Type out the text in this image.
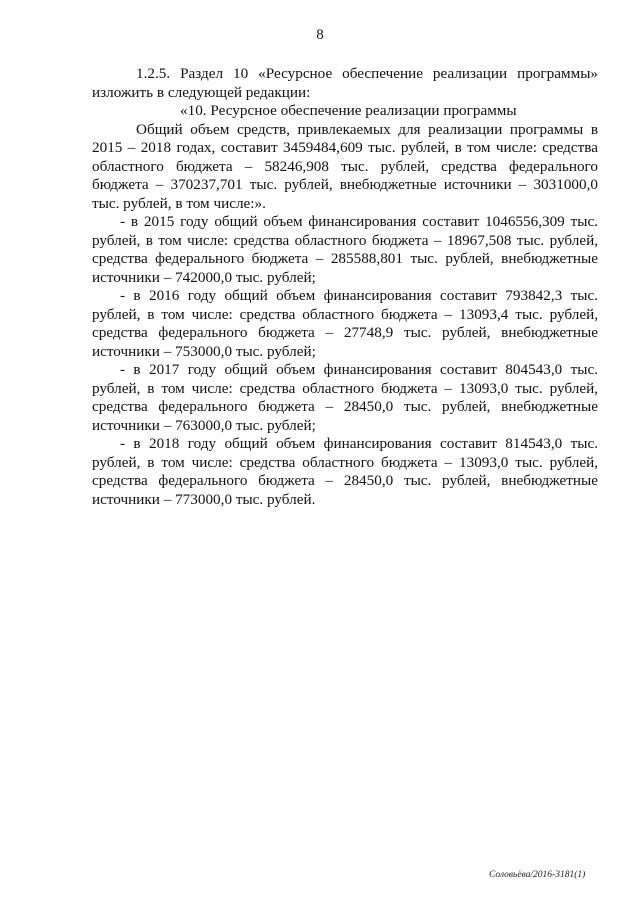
8

1.2.5. Раздел 10 «Ресурсное обеспечение реализации программы» изложить в следующей редакции:

«10. Ресурсное обеспечение реализации программы

Общий объем средств, привлекаемых для реализации программы в 2015 – 2018 годах, составит 3459484,609 тыс. рублей, в том числе: средства областного бюджета – 58246,908 тыс. рублей, средства федерального бюджета – 370237,701 тыс. рублей, внебюджетные источники – 3031000,0 тыс. рублей, в том числе:».

- в 2015 году общий объем финансирования составит 1046556,309 тыс. рублей, в том числе: средства областного бюджета – 18967,508 тыс. рублей, средства федерального бюджета – 285588,801 тыс. рублей, внебюджетные источники – 742000,0 тыс. рублей;

- в 2016 году общий объем финансирования составит 793842,3 тыс. рублей, в том числе: средства областного бюджета – 13093,4 тыс. рублей, средства федерального бюджета – 27748,9 тыс. рублей, внебюджетные источники – 753000,0 тыс. рублей;

- в 2017 году общий объем финансирования составит 804543,0 тыс. рублей, в том числе: средства областного бюджета – 13093,0 тыс. рублей, средства федерального бюджета – 28450,0 тыс. рублей, внебюджетные источники – 763000,0 тыс. рублей;

- в 2018 году общий объем финансирования составит 814543,0 тыс. рублей, в том числе: средства областного бюджета – 13093,0 тыс. рублей, средства федерального бюджета – 28450,0 тыс. рублей, внебюджетные источники – 773000,0 тыс. рублей.

Соловьёва/2016-3181(1)
